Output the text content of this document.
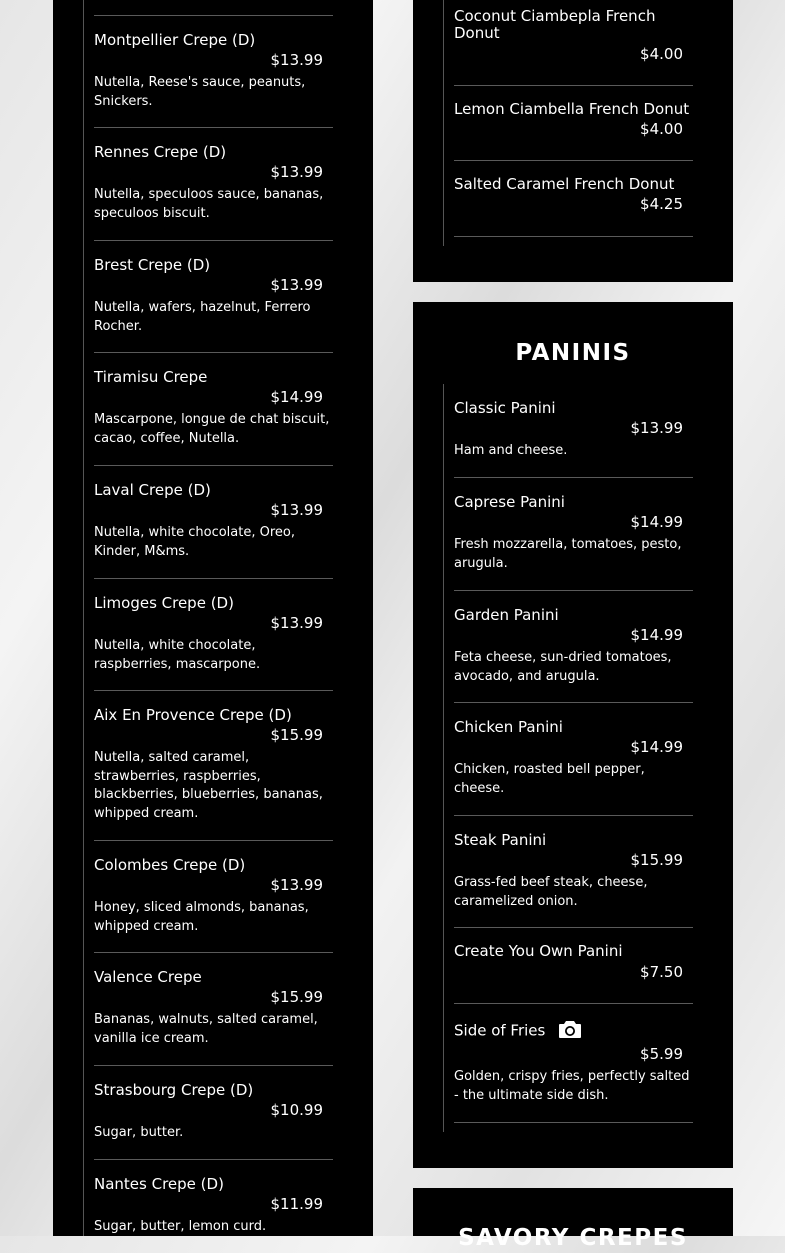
Montpellier Crepe (D)
$13.99
Nutella, Reese's sauce, peanuts, Snickers.
Rennes Crepe (D)
$13.99
Nutella, speculoos sauce, bananas, speculoos biscuit.
Brest Crepe (D)
$13.99
Nutella, wafers, hazelnut, Ferrero Rocher.
Tiramisu Crepe
$14.99
Mascarpone, longue de chat biscuit, cacao, coffee, Nutella.
Laval Crepe (D)
$13.99
Nutella, white chocolate, Oreo, Kinder, M&ms.
Limoges Crepe (D)
$13.99
Nutella, white chocolate, raspberries, mascarpone.
Aix En Provence Crepe (D)
$15.99
Nutella, salted caramel, strawberries, raspberries, blackberries, blueberries, bananas, whipped cream.
Colombes Crepe (D)
$13.99
Honey, sliced almonds, bananas, whipped cream.
Valence Crepe
$15.99
Bananas, walnuts, salted caramel, vanilla ice cream.
Strasbourg Crepe (D)
$10.99
Sugar, butter.
Nantes Crepe (D)
$11.99
Sugar, butter, lemon curd.
Coconut Ciambepla French Donut
$4.00
Lemon Ciambella French Donut
$4.00
Salted Caramel French Donut
$4.25
PANINIS
Classic Panini
$13.99
Ham and cheese.
Caprese Panini
$14.99
Fresh mozzarella, tomatoes, pesto, arugula.
Garden Panini
$14.99
Feta cheese, sun-dried tomatoes, avocado, and arugula.
Chicken Panini
$14.99
Chicken, roasted bell pepper, cheese.
Steak Panini
$15.99
Grass-fed beef steak, cheese, caramelized onion.
Create You Own Panini
$7.50
Side of Fries
$5.99
Golden, crispy fries, perfectly salted - the ultimate side dish.
SAVORY CREPES
